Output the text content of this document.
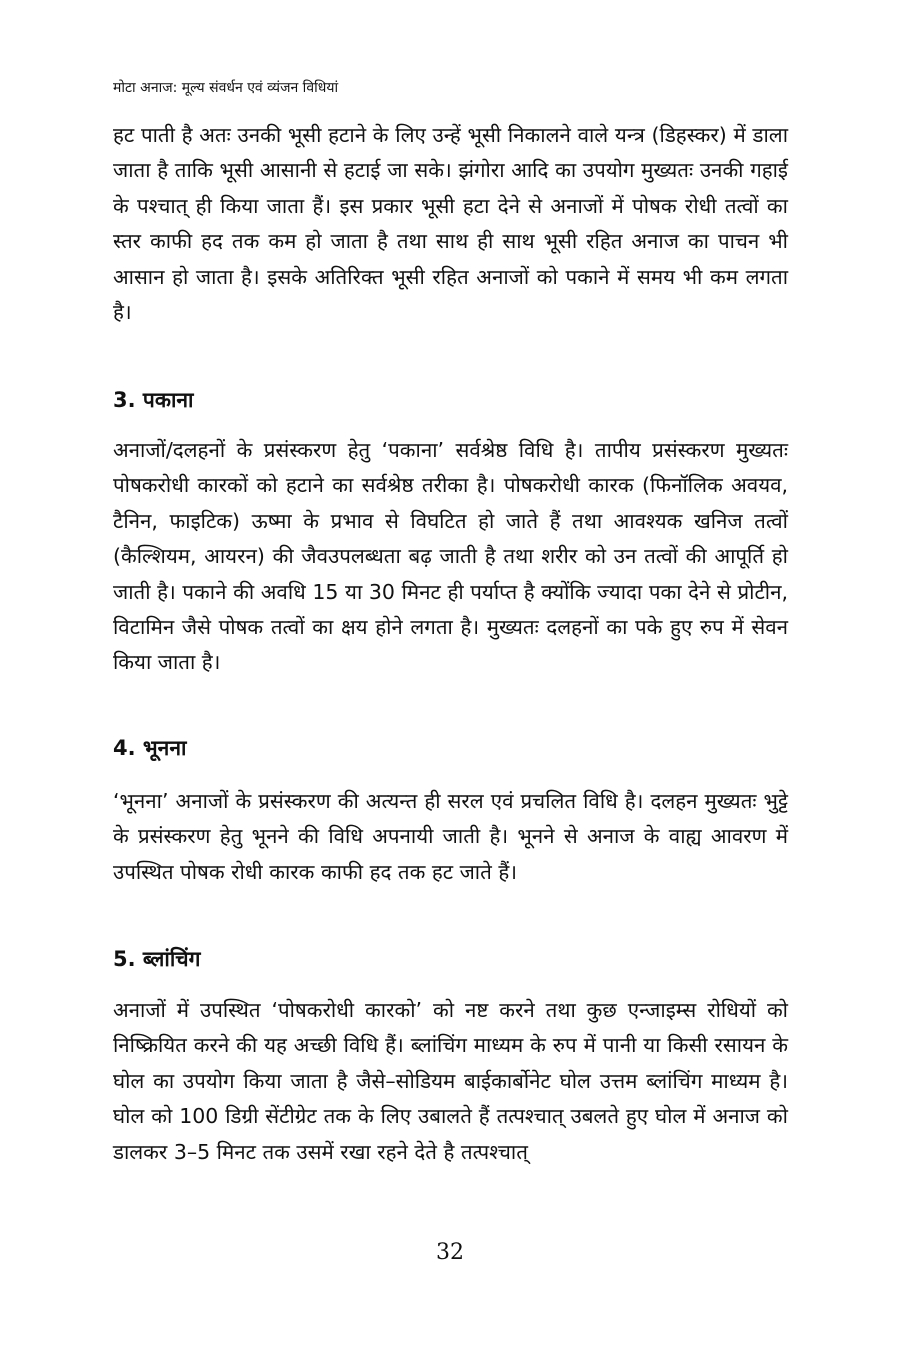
मोटा अनाज: मूल्य संवर्धन एवं व्यंजन विधियां

हट पाती है अतः उनकी भूसी हटाने के लिए उन्हें भूसी निकालने वाले यन्त्र (डिहस्कर) में डाला जाता है ताकि भूसी आसानी से हटाई जा सके। झंगोरा आदि का उपयोग मुख्यतः उनकी गहाई के पश्चात् ही किया जाता हैं। इस प्रकार भूसी हटा देने से अनाजों में पोषक रोधी तत्वों का स्तर काफी हद तक कम हो जाता है तथा साथ ही साथ भूसी रहित अनाज का पाचन भी आसान हो जाता है। इसके अतिरिक्त भूसी रहित अनाजों को पकाने में समय भी कम लगता है।

3. पकाना

अनाजों/दलहनों के प्रसंस्करण हेतु ‘पकाना’ सर्वश्रेष्ठ विधि है। तापीय प्रसंस्करण मुख्यतः पोषकरोधी कारकों को हटाने का सर्वश्रेष्ठ तरीका है। पोषकरोधी कारक (फिनॉलिक अवयव, टैनिन, फाइटिक) ऊष्मा के प्रभाव से विघटित हो जाते हैं तथा आवश्यक खनिज तत्वों (कैल्शियम, आयरन) की जैवउपलब्धता बढ़ जाती है तथा शरीर को उन तत्वों की आपूर्ति हो जाती है। पकाने की अवधि 15 या 30 मिनट ही पर्याप्त है क्योंकि ज्यादा पका देने से प्रोटीन, विटामिन जैसे पोषक तत्वों का क्षय होने लगता है। मुख्यतः दलहनों का पके हुए रुप में सेवन किया जाता है।

4. भूनना

‘भूनना’ अनाजों के प्रसंस्करण की अत्यन्त ही सरल एवं प्रचलित विधि है। दलहन मुख्यतः भुट्टे के प्रसंस्करण हेतु भूनने की विधि अपनायी जाती है। भूनने से अनाज के वाह्य आवरण में उपस्थित पोषक रोधी कारक काफी हद तक हट जाते हैं।

5. ब्लांचिंग

अनाजों में उपस्थित ‘पोषकरोधी कारको’ को नष्ट करने तथा कुछ एन्जाइम्स रोधियों को निष्क्रियित करने की यह अच्छी विधि हैं। ब्लांचिंग माध्यम के रुप में पानी या किसी रसायन के घोल का उपयोग किया जाता है जैसे–सोडियम बाईकार्बोनेट घोल उत्तम ब्लांचिंग माध्यम है। घोल को 100 डिग्री सेंटीग्रेट तक के लिए उबालते हैं तत्पश्चात् उबलते हुए घोल में अनाज को डालकर 3–5 मिनट तक उसमें रखा रहने देते है तत्पश्चात्

32
